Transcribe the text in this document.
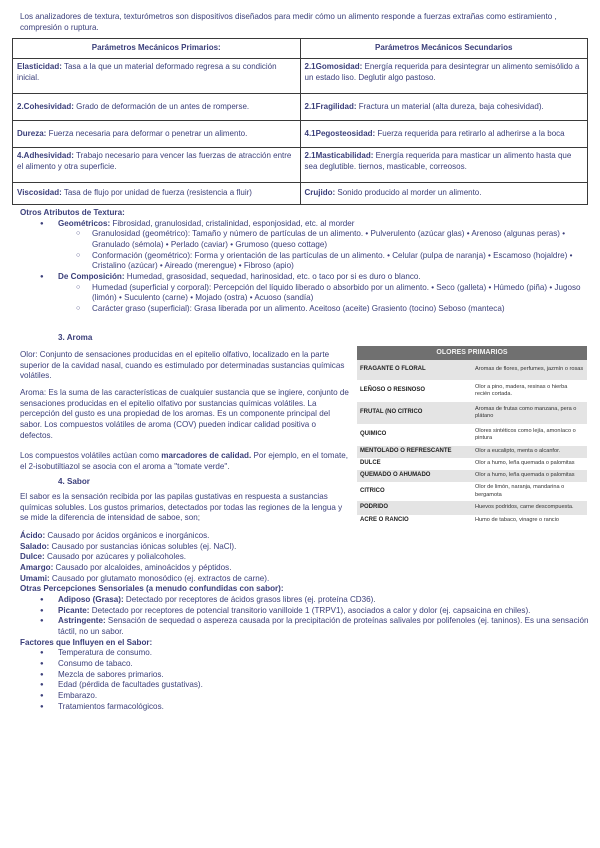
Los analizadores de textura, texturómetros son dispositivos diseñados para medir cómo un alimento responde a fuerzas extrañas como estiramiento , compresión o ruptura.

Parámetros Mecánicos Primarios:	Parámetros Mecánicos Secundarios
Elasticidad: Tasa a la que un material deformado regresa a su condición inicial.	2.1Gomosidad: Energía requerida para desintegrar un alimento semisólido a un estado liso. Deglutir algo pastoso.
2.Cohesividad: Grado de deformación de un antes de romperse.	2.1Fragilidad: Fractura un material (alta dureza, baja cohesividad).
Dureza: Fuerza necesaria para deformar o penetrar un alimento.	4.1Pegosteosidad: Fuerza requerida para retirarlo al adherirse a la boca
4.Adhesividad: Trabajo necesario para vencer las fuerzas de atracción entre el alimento y otra superficie.	2.1Masticabilidad: Energía requerida para masticar un alimento hasta que sea deglutible. tiernos, masticable, correosos.
Viscosidad: Tasa de flujo por unidad de fuerza (resistencia a fluir)	Crujido: Sonido producido al morder un alimento.
Otros Atributos de Textura:
● Geométricos: Fibrosidad, granulosidad, cristalinidad, esponjosidad, etc. al morder
○ Granulosidad (geométrico): Tamaño y número de partículas de un alimento. • Pulverulento (azúcar glas) • Arenoso (algunas peras) • Granulado (sémola) • Perlado (caviar) • Grumoso (queso cottage)
○ Conformación (geométrico): Forma y orientación de las partículas de un alimento. • Celular (pulpa de naranja) • Escamoso (hojaldre) • Cristalino (azúcar) • Aireado (merengue) • Fibroso (apio)
● De Composición: Humedad, grasosidad, sequedad, harinosidad, etc. o taco por si es duro o blanco.
○ Humedad (superficial y corporal): Percepción del líquido liberado o absorbido por un alimento. • Seco (galleta) • Húmedo (piña) • Jugoso (limón) • Suculento (carne) • Mojado (ostra) • Acuoso (sandía)
○ Carácter graso (superficial): Grasa liberada por un alimento. Aceitoso (aceite) Grasiento (tocino) Seboso (manteca)
3. Aroma

Olor: Conjunto de sensaciones producidas en el epitelio olfativo, localizado en la parte superior de la cavidad nasal, cuando es estimulado por determinadas sustancias químicas volátiles.

Aroma: Es la suma de las características de cualquier sustancia que se ingiere, conjunto de sensaciones producidas en el epitelio olfativo por sustancias químicas volátiles. La percepción del gusto es una propiedad de los aromas. Es un componente principal del sabor. Los compuestos volátiles de aroma (COV) pueden indicar calidad positiva o defectos.

Los compuestos volátiles actúan como marcadores de calidad. Por ejemplo, en el tomate, el 2-isobutiltiazol se asocia con el aroma a "tomate verde".

OLORES PRIMARIOS	
FRAGANTE O FLORAL	Aromas de flores, perfumes, jazmín o rosas
LEÑOSO O RESINOSO	Olor a pino, madera, resinas o hierba recién cortada.
FRUTAL (NO CITRICO	Aromas de frutas como manzana, pera o plátano
QUIMICO	Olores sintéticos como lejía, amoníaco o pintura
MENTOLADO O REFRESCANTE	Olor a eucalipto, menta o alcanfor.
DULCE	Olor a humo, leña quemada o palomitas
QUEMADO O AHUMADO	Olor a humo, leña quemada o palomitas
CITRICO	Olor de limón, naranja, mandarina o bergamota
PODRIDO	Huevos podridos, carne descompuesta.
ACRE O RANCIO	Humo de tabaco, vinagre o rancio
4. Sabor

El sabor es la sensación recibida por las papilas gustativas en respuesta a sustancias químicas solubles. Los gustos primarios, detectados por todas las regiones de la lengua y se mide la diferencia de intensidad de saboe, son;

Ácido: Causado por ácidos orgánicos e inorgánicos.
Salado: Causado por sustancias iónicas solubles (ej. NaCl).
Dulce: Causado por azúcares y polialcoholes.
Amargo: Causado por alcaloides, aminoácidos y péptidos.
Umami: Causado por glutamato monosódico (ej. extractos de carne).
Otras Percepciones Sensoriales (a menudo confundidas con sabor):
● Adiposo (Grasa): Detectado por receptores de ácidos grasos libres (ej. proteína CD36).
● Picante: Detectado por receptores de potencial transitorio vanilloide 1 (TRPV1), asociados a calor y dolor (ej. capsaicina en chiles).
● Astringente: Sensación de sequedad o aspereza causada por la precipitación de proteínas salivales por polifenoles (ej. taninos). Es una sensación táctil, no un sabor.
Factores que Influyen en el Sabor:
● Temperatura de consumo.
● Consumo de tabaco.
● Mezcla de sabores primarios.
● Edad (pérdida de facultades gustativas).
● Embarazo.
● Tratamientos farmacológicos.
